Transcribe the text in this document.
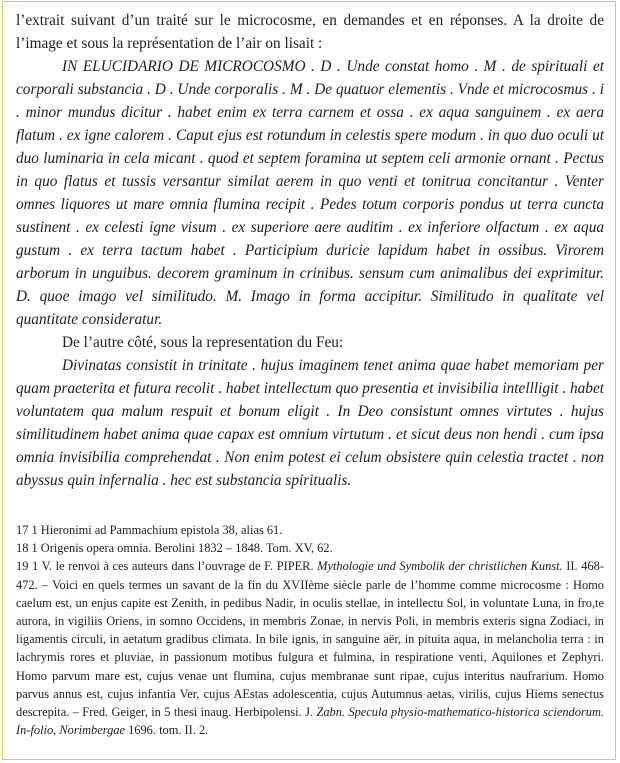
l’extrait suivant d’un traité sur le microcosme, en demandes et en réponses. A la droite de l’image et sous la représentation de l’air on lisait :

IN ELUCIDARIO DE MICROCOSMO . D . Unde constat homo . M . de spirituali et corporali substancia . D . Unde corporalis . M . De quatuor elementis . Vnde et microcosmus . i . minor mundus dicitur . habet enim ex terra carnem et ossa . ex aqua sanguinem . ex aera flatum . ex igne calorem . Caput ejus est rotundum in celestis spere modum . in quo duo oculi ut duo luminaria in cela micant . quod et septem foramina ut septem celi armonie ornant . Pectus in quo flatus et tussis versantur similat aerem in quo venti et tonitrua concitantur . Venter omnes liquores ut mare omnia flumina recipit . Pedes totum corporis pondus ut terra cuncta sustinent . ex celesti igne visum . ex superiore aere auditim . ex inferiore olfactum . ex aqua gustum . ex terra tactum habet . Participium duricie lapidum habet in ossibus. Virorem arborum in unguibus. decorem graminum in crinibus. sensum cum animalibus dei exprimitur. D. quoe imago vel similitudo. M. Imago in forma accipitur. Similitudo in qualitate vel quantitate consideratur.

De l’autre côté, sous la representation du Feu:

Divinatas consistit in trinitate . hujus imaginem tenet anima quae habet memoriam per quam praeterita et futura recolit . habet intellectum quo presentia et invisibilia intellligit . habet voluntatem qua malum respuit et bonum eligit . In Deo consistunt omnes virtutes . hujus similitudinem habet anima quae capax est omnium virtutum . et sicut deus non hendi . cum ipsa omnia invisibilia comprehendat . Non enim potest ei celum obsistere quin celestia tractet . non abyssus quin infernalia . hec est substancia spiritualis.

17 1 Hieronimi ad Pammachium epistola 38, alias 61.

18 1 Origenis opera omnia. Berolini 1832 – 1848. Tom. XV, 62.

19 1 V. le renvoi à ces auteurs dans l’ouvrage de F. PIPER. Mythologie und Symbolik der christlichen Kunst. II. 468-472. – Voici en quels termes un savant de la fin du XVIIème siècle parle de l’homme comme microcosme : Homo caelum est, un enjus capite est Zenith, in pedibus Nadir, in oculis stellae, in intellectu Sol, in voluntate Luna, in fro,te aurora, in vigiliis Oriens, in somno Occidens, in membris Zonae, in nervis Poli, in membris exteris signa Zodiaci, in ligamentis circuli, in aetatum gradibus climata. In bile ignis, in sanguine aër, in pituita aqua, in melancholia terra : in lachrymis rores et pluviae, in passionum motibus fulgura et fulmina, in respiratione venti, Aquilones et Zephyri. Homo parvum mare est, cujus venae unt flumina, cujus membranae sunt ripae, cujus interitus naufrarium. Homo parvus annus est, cujus infantia Ver, cujus AEstas adolescentia, cujus Autumnus aetas, virilis, cujus Hiems senectus descrepita. – Fred. Geiger, in 5 thesi inaug. Herbipolensi. J. Zabn. Specula physio-mathematico-historica sciendorum. In-folio, Norimbergae 1696. tom. II. 2.
